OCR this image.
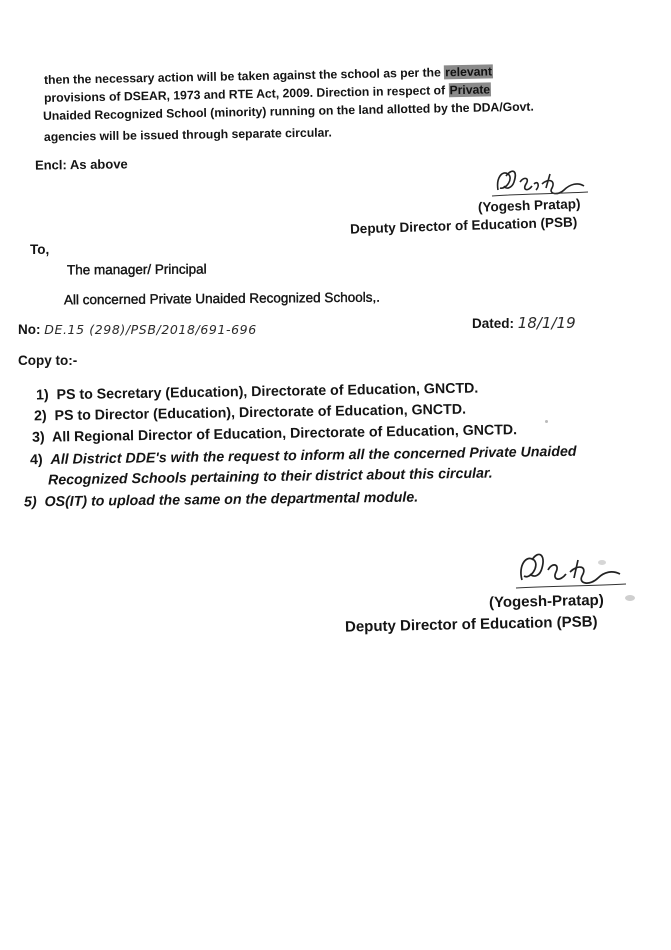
then the necessary action will be taken against the school as per the relevant
provisions of DSEAR, 1973 and RTE Act, 2009. Direction in respect of Private
Unaided Recognized School (minority) running on the land allotted by the DDA/Govt.
agencies will be issued through separate circular.
Encl: As above
(Yogesh Pratap)
Deputy Director of Education (PSB)
To,
The manager/ Principal
All concerned Private Unaided Recognized Schools,.
No: DE.15 (298)/PSB/2018/691-696	Dated: 18/1/19
Copy to:-
1) PS to Secretary (Education), Directorate of Education, GNCTD.
2) PS to Director (Education), Directorate of Education, GNCTD.
3) All Regional Director of Education, Directorate of Education, GNCTD.
4) All District DDE's with the request to inform all the concerned Private Unaided
Recognized Schools pertaining to their district about this circular.
5) OS(IT) to upload the same on the departmental module.
(Yogesh-Pratap)
Deputy Director of Education (PSB)
